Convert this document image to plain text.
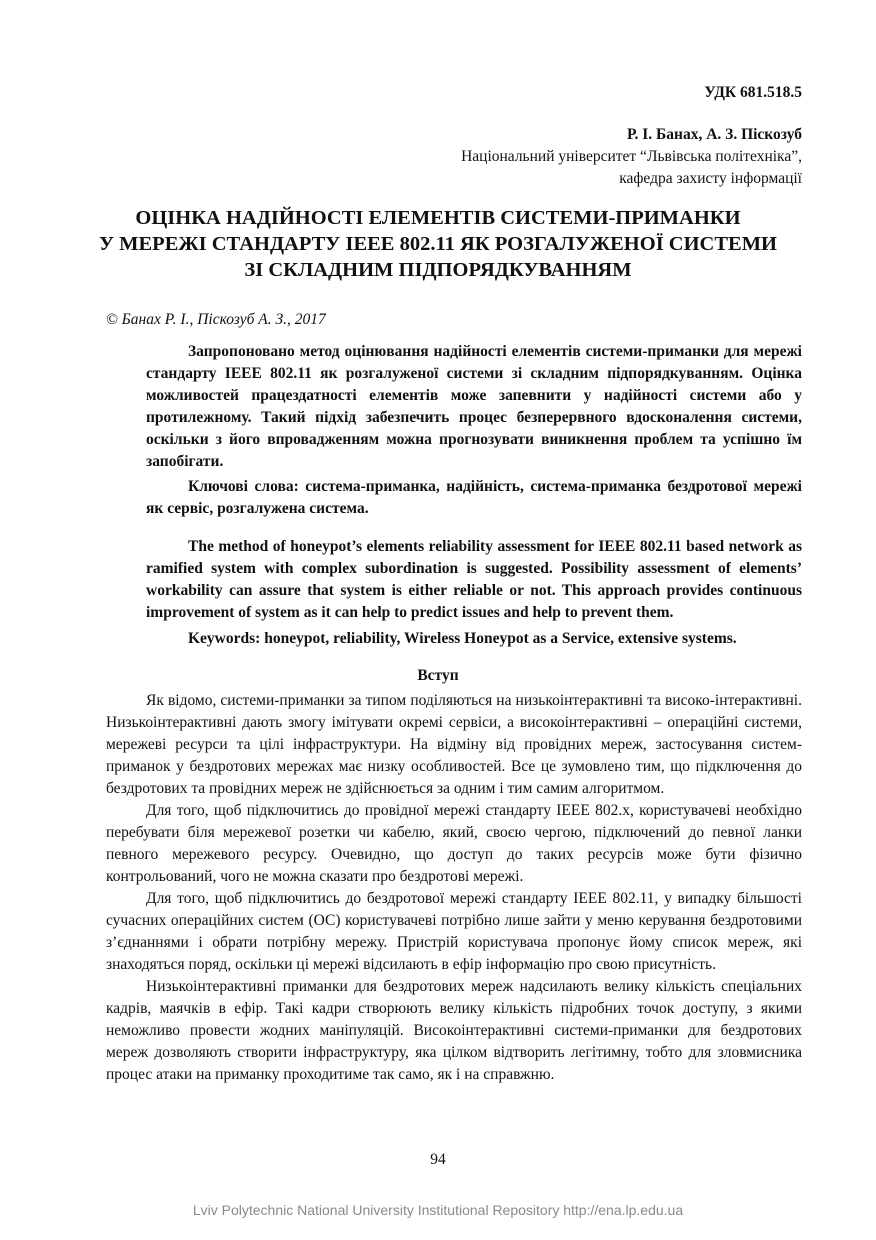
УДК 681.518.5
Р. І. Банах, А. З. Піскозуб
Національний університет “Львівська політехніка”,
кафедра захисту інформації
ОЦІНКА НАДІЙНОСТІ ЕЛЕМЕНТІВ СИСТЕМИ-ПРИМАНКИ
У МЕРЕЖІ СТАНДАРТУ IEEE 802.11 ЯК РОЗГАЛУЖЕНОЇ СИСТЕМИ
ЗІ СКЛАДНИМ ПІДПОРЯДКУВАННЯМ
© Банах Р. І., Піскозуб А. З., 2017

Запропоновано метод оцінювання надійності елементів системи-приманки для мережі стандарту IEEE 802.11 як розгалуженої системи зі складним підпорядкуванням. Оцінка можливостей працездатності елементів може запевнити у надійності системи або у протилежному. Такий підхід забезпечить процес безперервного вдосконалення системи, оскільки з його впровадженням можна прогнозувати виникнення проблем та успішно їм запобігати.

Ключові слова: система-приманка, надійність, система-приманка бездротової мережі як сервіс, розгалужена система.

The method of honeypot’s elements reliability assessment for IEEE 802.11 based network as ramified system with complex subordination is suggested. Possibility assessment of elements’ workability can assure that system is either reliable or not. This approach provides continuous improvement of system as it can help to predict issues and help to prevent them.

Keywords: honeypot, reliability, Wireless Honeypot as a Service, extensive systems.

Вступ

Як відомо, системи-приманки за типом поділяються на низькоінтерактивні та високо-інтерактивні. Низькоінтерактивні дають змогу імітувати окремі сервіси, а високоінтерактивні – операційні системи, мережеві ресурси та цілі інфраструктури. На відміну від провідних мереж, застосування систем-приманок у бездротових мережах має низку особливостей. Все це зумовлено тим, що підключення до бездротових та провідних мереж не здійснюється за одним і тим самим алгоритмом.

Для того, щоб підключитись до провідної мережі стандарту IEEE 802.x, користувачеві необхідно перебувати біля мережевої розетки чи кабелю, який, своєю чергою, підключений до певної ланки певного мережевого ресурсу. Очевидно, що доступ до таких ресурсів може бути фізично контрольований, чого не можна сказати про бездротові мережі.

Для того, щоб підключитись до бездротової мережі стандарту IEEE 802.11, у випадку більшості сучасних операційних систем (ОС) користувачеві потрібно лише зайти у меню керування бездротовими з’єднаннями і обрати потрібну мережу. Пристрій користувача пропонує йому список мереж, які знаходяться поряд, оскільки ці мережі відсилають в ефір інформацію про свою присутність.

Низькоінтерактивні приманки для бездротових мереж надсилають велику кількість спеціальних кадрів, маячків в ефір. Такі кадри створюють велику кількість підробних точок доступу, з якими неможливо провести жодних маніпуляцій. Високоінтерактивні системи-приманки для бездротових мереж дозволяють створити інфраструктуру, яка цілком відтворить легітимну, тобто для зловмисника процес атаки на приманку проходитиме так само, як і на справжню.

94
Lviv Polytechnic National University Institutional Repository http://ena.lp.edu.ua
